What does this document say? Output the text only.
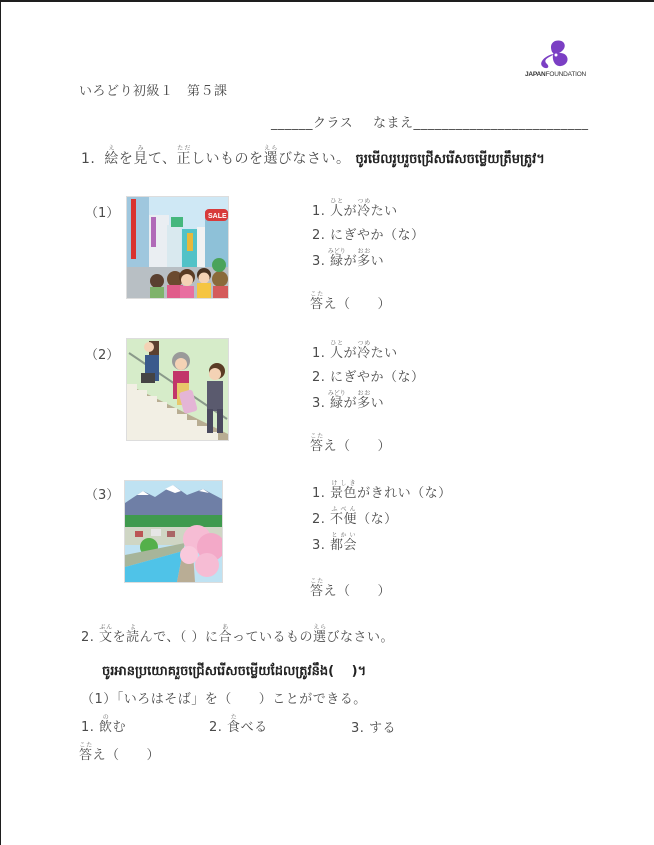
JAPANFOUNDATION
いろどり初級１　第５課
______クラス なまえ_________________________
1. 絵えを見みて、正ただしいものを選えらびなさい。 ចូរមើលរូបរួចជ្រើសរើសចម្លើយត្រឹមត្រូវ។
（1）	SALE	1. 人ひとが冷つめたい
2. にぎやか（な）
3. 緑みどりが多おおい
答こたえ（　　）
（2）	1. 人ひとが冷つめたい
2. にぎやか（な）
3. 緑みどりが多おおい
答こたえ（　　）
（3）	1. 景色けしきがきれい（な）
2. 不便ふべん（な）
3. 都会とかい
答こたえ（　　）
2. 文ぶんを読よんで、（ ）に合あっているもの選えらびなさい。
ចូរអានប្រយោគរួចជ្រើសរើសចម្លើយដែលត្រូវនឹង(　 )។
（1）「いろはそば」を（　　）ことができる。
1. 飲のむ	2. 食たべる	3. する
答こたえ（　　）
